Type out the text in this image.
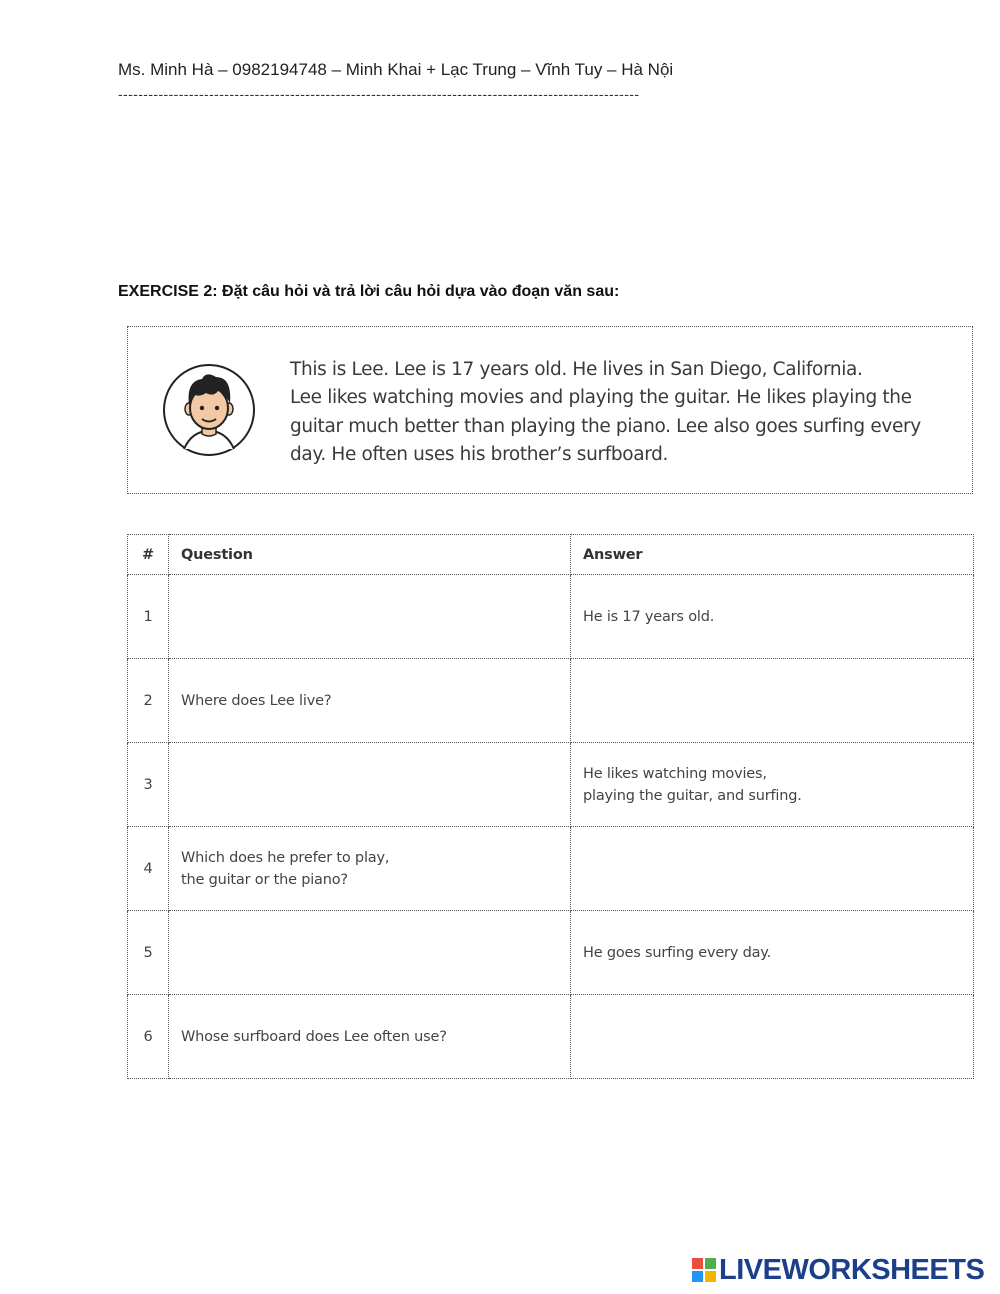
Ms. Minh Hà – 0982194748 – Minh Khai + Lạc Trung – Vĩnh Tuy – Hà Nội
-------------------------------------------------------------------------------------------------------
EXERCISE 2: Đặt câu hỏi và trả lời câu hỏi dựa vào đoạn văn sau:
This is Lee. Lee is 17 years old. He lives in San Diego, California.
Lee likes watching movies and playing the guitar. He likes playing the
guitar much better than playing the piano. Lee also goes surfing every
day. He often uses his brother’s surfboard.
#	Question	Answer
1		He is 17 years old.

2	Where does Lee live?	

3		He likes watching movies,
playing the guitar, and surfing.

4	Which does he prefer to play,
the guitar or the piano?	

5		He goes surfing every day.

6	Whose surfboard does Lee often use?	

LIVEWORKSHEETS
